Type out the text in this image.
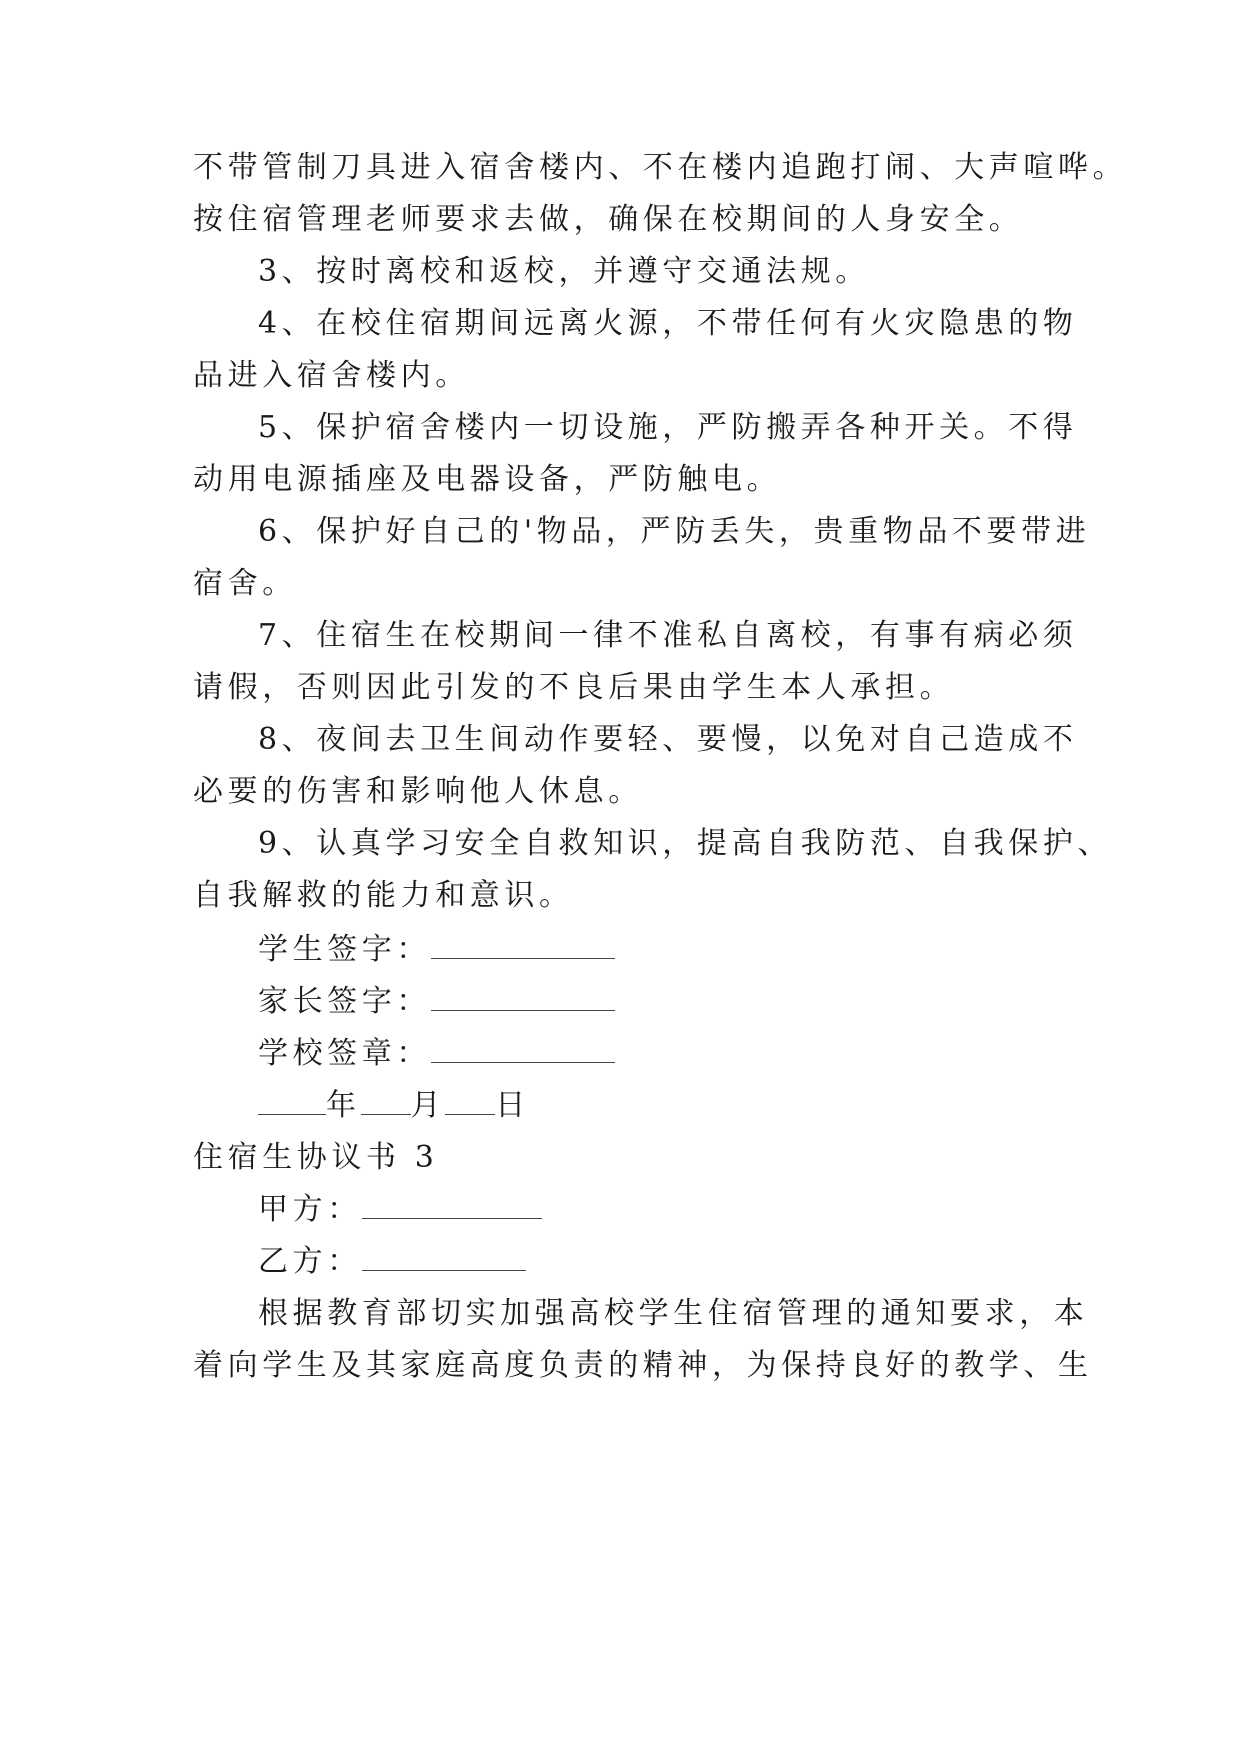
不带管制刀具进入宿舍楼内、不在楼内追跑打闹、大声喧哗。
按住宿管理老师要求去做，确保在校期间的人身安全。
3、按时离校和返校，并遵守交通法规。
4、在校住宿期间远离火源，不带任何有火灾隐患的物
品进入宿舍楼内。
5、保护宿舍楼内一切设施，严防搬弄各种开关。不得
动用电源插座及电器设备，严防触电。
6、保护好自己的'物品，严防丢失，贵重物品不要带进
宿舍。
7、住宿生在校期间一律不准私自离校，有事有病必须
请假，否则因此引发的不良后果由学生本人承担。
8、夜间去卫生间动作要轻、要慢，以免对自己造成不
必要的伤害和影响他人休息。
9、认真学习安全自救知识，提高自我防范、自我保护、
自我解救的能力和意识。
学生签字：
家长签字：
学校签章：
年 月 日
住宿生协议书 3
甲方：
乙方：
根据教育部切实加强高校学生住宿管理的通知要求，本
着向学生及其家庭高度负责的精神，为保持良好的教学、生
